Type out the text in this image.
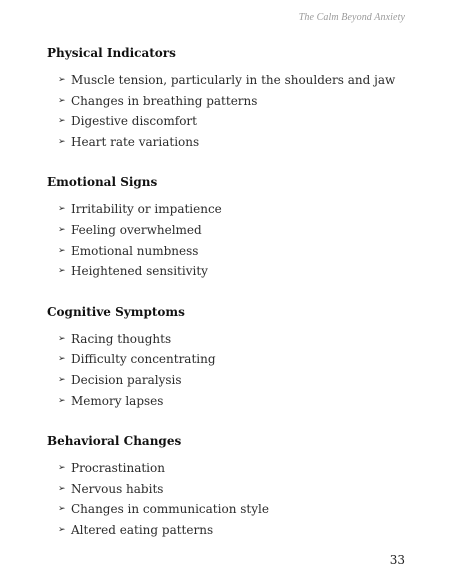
The Calm Beyond Anxiety
Physical Indicators
➢ Muscle tension, particularly in the shoulders and jaw
➢ Changes in breathing patterns
➢ Digestive discomfort
➢ Heart rate variations
Emotional Signs
➢ Irritability or impatience
➢ Feeling overwhelmed
➢ Emotional numbness
➢ Heightened sensitivity
Cognitive Symptoms
➢ Racing thoughts
➢ Difficulty concentrating
➢ Decision paralysis
➢ Memory lapses
Behavioral Changes
➢ Procrastination
➢ Nervous habits
➢ Changes in communication style
➢ Altered eating patterns
33
